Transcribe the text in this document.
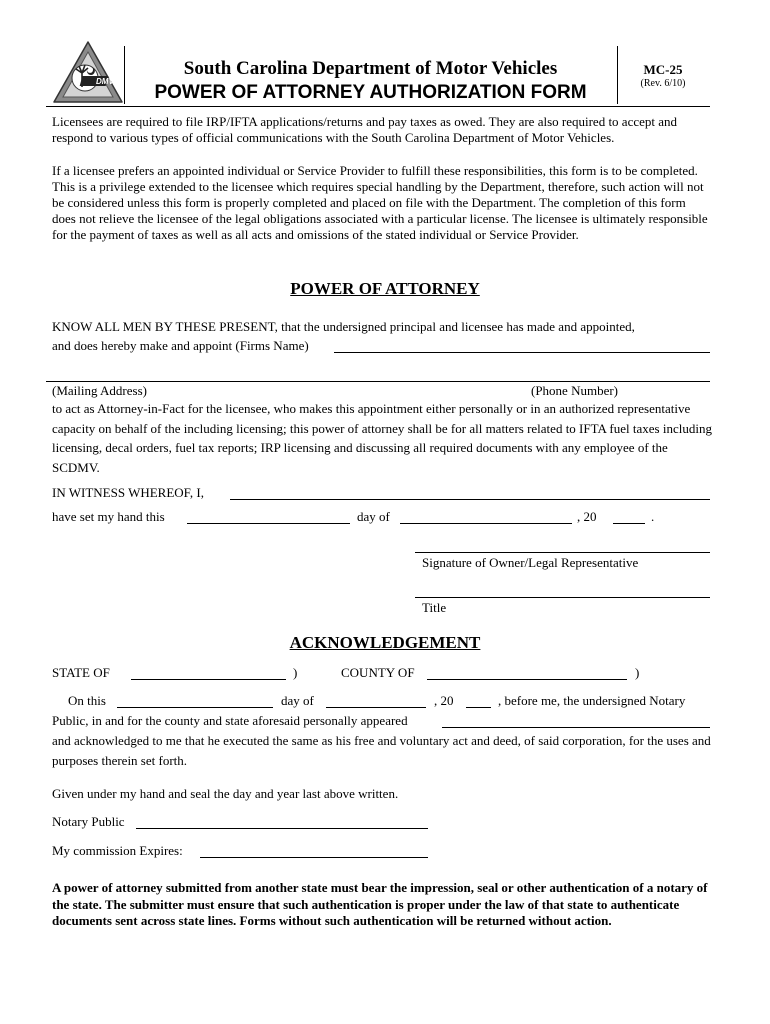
DMV
South Carolina Department of Motor Vehicles
POWER OF ATTORNEY AUTHORIZATION FORM
MC-25
(Rev. 6/10)
Licensees are required to file IRP/IFTA applications/returns and pay taxes as owed. They are also required to accept and respond to various types of official communications with the South Carolina Department of Motor Vehicles.
If a licensee prefers an appointed individual or Service Provider to fulfill these responsibilities, this form is to be completed. This is a privilege extended to the licensee which requires special handling by the Department, therefore, such action will not be considered unless this form is properly completed and placed on file with the Department. The completion of this form does not relieve the licensee of the legal obligations associated with a particular license. The licensee is ultimately responsible for the payment of taxes as well as all acts and omissions of the stated individual or Service Provider.
POWER OF ATTORNEY
KNOW ALL MEN BY THESE PRESENT, that the undersigned principal and licensee has made and appointed,
and does hereby make and appoint (Firms Name)
(Mailing Address)	(Phone Number)
to act as Attorney-in-Fact for the licensee, who makes this appointment either personally or in an authorized representative capacity on behalf of the including licensing; this power of attorney shall be for all matters related to IFTA fuel taxes including licensing, decal orders, fuel tax reports; IRP licensing and discussing all required documents with any employee of the SCDMV.
IN WITNESS WHEREOF, I,
have set my hand this	day of	, 20	.
Signature of Owner/Legal Representative
Title
ACKNOWLEDGEMENT
STATE OF	)	COUNTY OF	)
On this	day of	, 20	, before me, the undersigned Notary
Public, in and for the county and state aforesaid personally appeared
and acknowledged to me that he executed the same as his free and voluntary act and deed, of said corporation, for the uses and purposes therein set forth.
Given under my hand and seal the day and year last above written.
Notary Public
My commission Expires:
A power of attorney submitted from another state must bear the impression, seal or other authentication of a notary of the state. The submitter must ensure that such authentication is proper under the law of that state to authenticate documents sent across state lines. Forms without such authentication will be returned without action.
